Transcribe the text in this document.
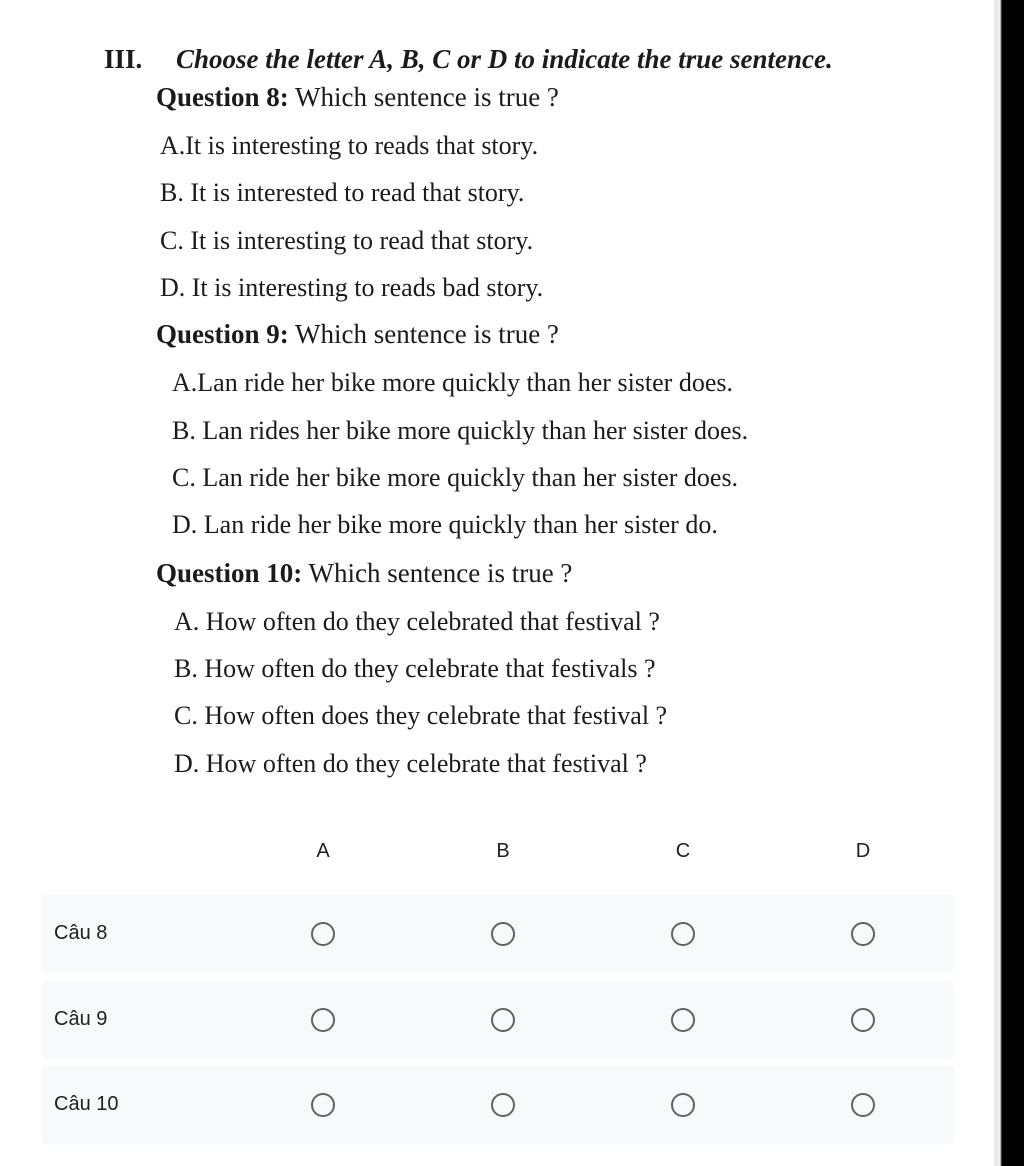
III. Choose the letter A, B, C or D to indicate the true sentence.
Question 8: Which sentence is true ?
A.It is interesting to reads that story.
B. It is interested to read that story.
C. It is interesting to read that story.
D. It is interesting to reads bad story.
Question 9: Which sentence is true ?
A.Lan ride her bike more quickly than her sister does.
B. Lan rides her bike more quickly than her sister does.
C. Lan ride her bike more quickly than her sister does.
D. Lan ride her bike more quickly than her sister do.
Question 10: Which sentence is true ?
A. How often do they celebrated that festival ?
B. How often do they celebrate that festivals ?
C. How often does they celebrate that festival ?
D. How often do they celebrate that festival ?
A	B	C	D
Câu 8
Câu 9
Câu 10
